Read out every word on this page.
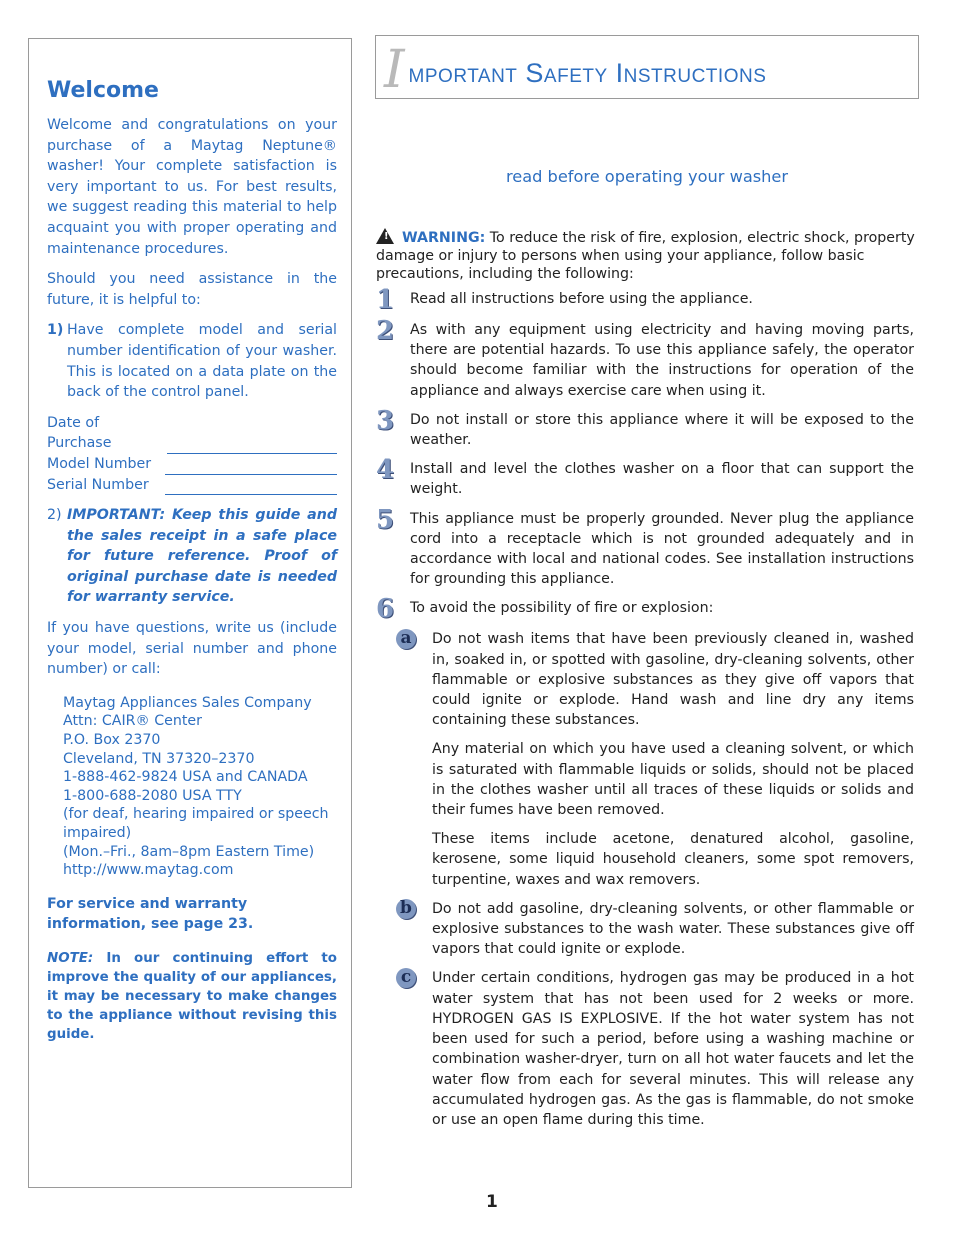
Welcome

Welcome and congratulations on your purchase of a Maytag Neptune® washer! Your complete satisfaction is very important to us. For best results, we suggest reading this material to help acquaint you with proper operating and maintenance procedures.

Should you need assistance in the future, it is helpful to:

1) Have complete model and serial number identification of your washer. This is located on a data plate on the back of the control panel.
Date of Purchase
Model Number
Serial Number
2) IMPORTANT: Keep this guide and the sales receipt in a safe place for future reference. Proof of original purchase date is needed for warranty service.

If you have questions, write us (include your model, serial number and phone number) or call:

Maytag Appliances Sales Company
Attn: CAIR® Center
P.O. Box 2370
Cleveland, TN 37320–2370
1-888-462-9824 USA and CANADA
1-800-688-2080 USA TTY
(for deaf, hearing impaired or speech impaired)
(Mon.–Fri., 8am–8pm Eastern Time)
http://www.maytag.com
For service and warranty information, see page 23.
NOTE: In our continuing effort to improve the quality of our appliances, it may be necessary to make changes to the appliance without revising this guide.
I mportant Safety Instructions
read before operating your washer
! WARNING: To reduce the risk of fire, explosion, electric shock, property damage or injury to persons when using your appliance, follow basic precautions, including the following:
1	Read all instructions before using the appliance.
2	As with any equipment using electricity and having moving parts, there are potential hazards. To use this appliance safely, the operator should become familiar with the instructions for operation of the appliance and always exercise care when using it.
3	Do not install or store this appliance where it will be exposed to the weather.
4	Install and level the clothes washer on a floor that can support the weight.
5	This appliance must be properly grounded. Never plug the appliance cord into a receptacle which is not grounded adequately and in accordance with local and national codes. See installation instructions for grounding this appliance.
6	To avoid the possibility of fire or explosion:
a	Do not wash items that have been previously cleaned in, washed in, soaked in, or spotted with gasoline, dry-cleaning solvents, other flammable or explosive substances as they give off vapors that could ignite or explode. Hand wash and line dry any items containing these substances.

Any material on which you have used a cleaning solvent, or which is saturated with flammable liquids or solids, should not be placed in the clothes washer until all traces of these liquids or solids and their fumes have been removed.

These items include acetone, denatured alcohol, gasoline, kerosene, some liquid household cleaners, some spot removers, turpentine, waxes and wax removers.

b	Do not add gasoline, dry-cleaning solvents, or other flammable or explosive substances to the wash water. These substances give off vapors that could ignite or explode.
c	Under certain conditions, hydrogen gas may be produced in a hot water system that has not been used for 2 weeks or more. HYDROGEN GAS IS EXPLOSIVE. If the hot water system has not been used for such a period, before using a washing machine or combination washer-dryer, turn on all hot water faucets and let the water flow from each for several minutes. This will release any accumulated hydrogen gas. As the gas is flammable, do not smoke or use an open flame during this time.
1
